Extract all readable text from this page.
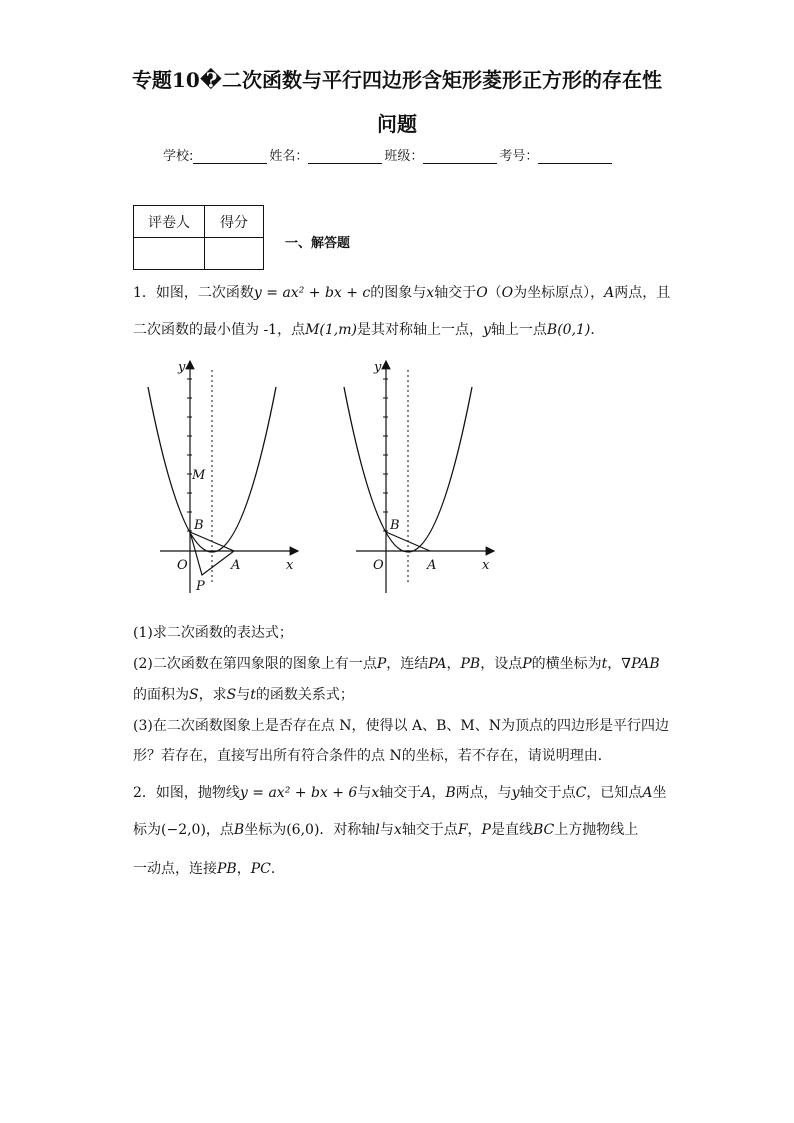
专题10�二次函数与平行四边形含矩形菱形正方形的存在性
问题
学校:	姓名：	班级：	考号：
评卷人	得分

一、解答题
1．如图，二次函数y = ax² + bx + c的图象与x轴交于O（O为坐标原点），A两点，且
二次函数的最小值为 -1，点M(1,m)是其对称轴上一点，y轴上一点B(0,1)．
M
B
O	A
P
y
x
B
O	A
y
x
(1)求二次函数的表达式；
(2)二次函数在第四象限的图象上有一点P，连结PA，PB，设点P的横坐标为t，∇PAB
的面积为S，求S与t的函数关系式；
(3)在二次函数图象上是否存在点 N，使得以 A、B、M、N为顶点的四边形是平行四边
形？若存在，直接写出所有符合条件的点 N的坐标，若不存在，请说明理由．
2．如图，抛物线y = ax² + bx + 6与x轴交于A，B两点，与y轴交于点C，已知点A坐
标为(−2,0)，点B坐标为(6,0)．对称轴l与x轴交于点F，P是直线BC上方抛物线上
一动点，连接PB，PC．
